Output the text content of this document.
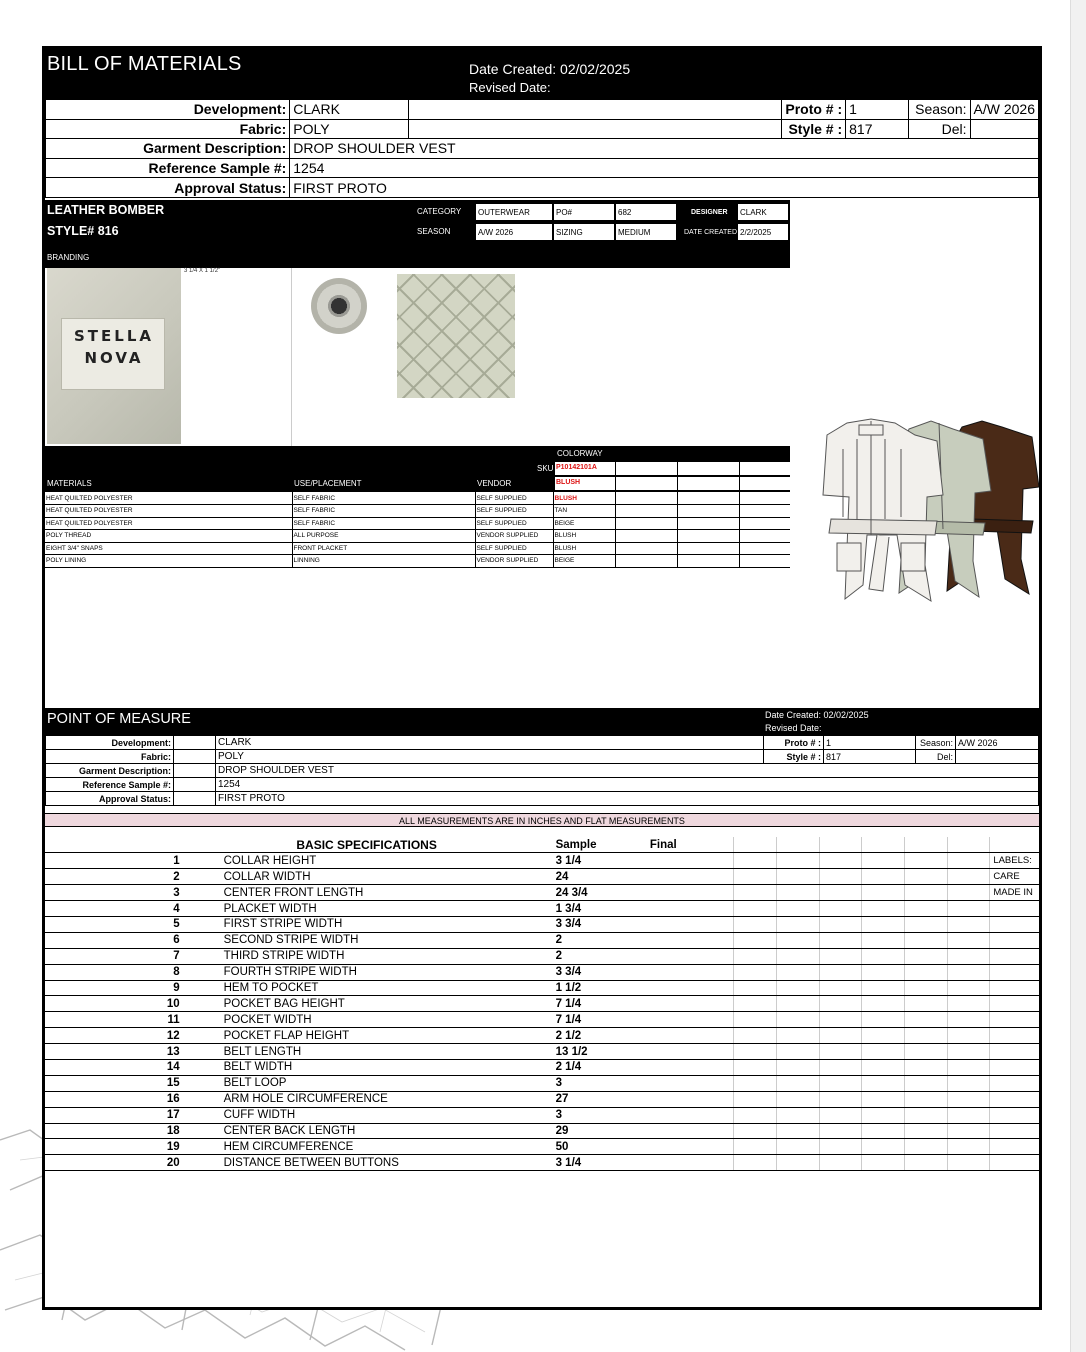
BILL OF MATERIALS	Date Created: 02/02/2025
Revised Date:
Development:	CLARK		Proto # :	1	Season:	A/W 2026
Fabric:	POLY		Style # :	817	Del:	
Garment Description:	DROP SHOULDER VEST					
Reference Sample #:	1254					
Approval Status:	FIRST PROTO					
LEATHER BOMBER
STYLE# 816
BRANDING
CATEGORY	OUTERWEAR	PO#	682	DESIGNER	CLARK
SEASON	A/W 2026	SIZING	MEDIUM	DATE CREATED 2/2/2025
STELLA
NOVA
3 1/4 X 1 1/2"
COLORWAY
SKU P10142101A
MATERIALS	USE/PLACEMENT	VENDOR	BLUSH
HEAT QUILTED POLYESTER	SELF FABRIC	SELF SUPPLIED	BLUSH			
HEAT QUILTED POLYESTER	SELF FABRIC	SELF SUPPLIED	TAN			
HEAT QUILTED POLYESTER	SELF FABRIC	SELF SUPPLIED	BEIGE			
POLY THREAD	ALL PURPOSE	VENDOR SUPPLIED	BLUSH			
EIGHT 3/4" SNAPS	FRONT PLACKET	SELF SUPPLIED	BLUSH			
POLY LINING	LINNING	VENDOR SUPPLIED	BEIGE			
POINT OF MEASURE	Date Created: 02/02/2025
Revised Date:
Development:		CLARK	Proto # :	1	Season:	A/W 2026
Fabric:		POLY	Style # :	817	Del:	
Garment Description:		DROP SHOULDER VEST				
Reference Sample #:		1254				
Approval Status:		FIRST PROTO				
ALL MEASUREMENTS ARE IN INCHES AND FLAT MEASUREMENTS
	BASIC SPECIFICATIONS	Sample	Final							
1	COLLAR HEIGHT	3 1/4								LABELS:
2	COLLAR WIDTH	24								CARE
3	CENTER FRONT LENGTH	24 3/4								MADE IN
4	PLACKET WIDTH	1 3/4								
5	FIRST STRIPE WIDTH	3 3/4								
6	SECOND STRIPE WIDTH	2								
7	THIRD STRIPE WIDTH	2								
8	FOURTH STRIPE WIDTH	3 3/4								
9	HEM TO POCKET	1 1/2								
10	POCKET BAG HEIGHT	7 1/4								
11	POCKET WIDTH	7 1/4								
12	POCKET FLAP HEIGHT	2 1/2								
13	BELT LENGTH	13 1/2								
14	BELT WIDTH	2 1/4								
15	BELT LOOP	3								
16	ARM HOLE CIRCUMFERENCE	27								
17	CUFF WIDTH	3								
18	CENTER BACK LENGTH	29								
19	HEM CIRCUMFERENCE	50								
20	DISTANCE BETWEEN BUTTONS	3 1/4								
